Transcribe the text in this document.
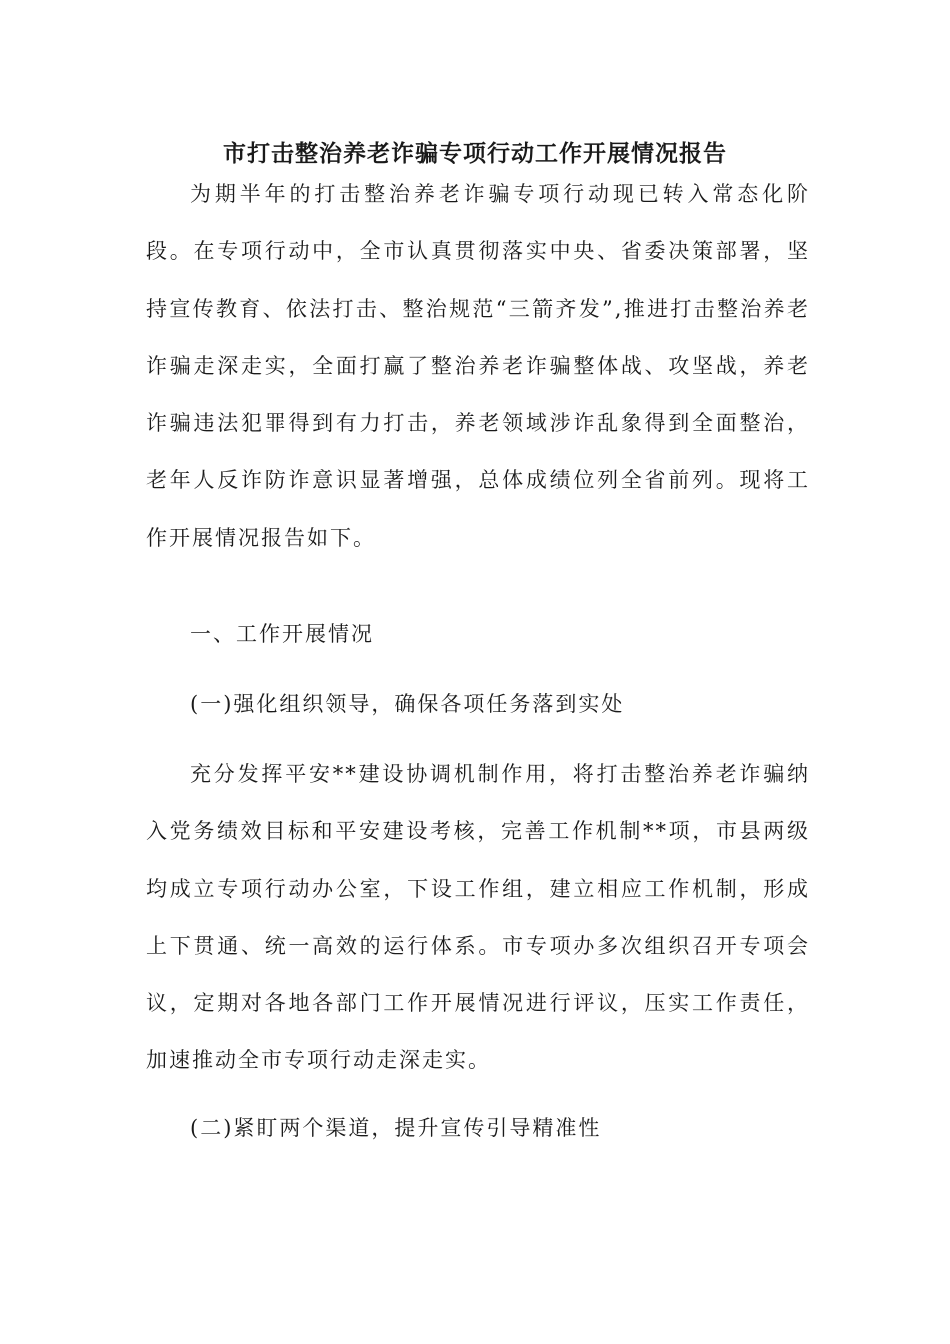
市打击整治养老诈骗专项行动工作开展情况报告

为期半年的打击整治养老诈骗专项行动现已转入常态化阶段。在专项行动中，全市认真贯彻落实中央、省委决策部署，坚持宣传教育、依法打击、整治规范“三箭齐发”,推进打击整治养老诈骗走深走实，全面打赢了整治养老诈骗整体战、攻坚战，养老诈骗违法犯罪得到有力打击，养老领域涉诈乱象得到全面整治，老年人反诈防诈意识显著增强，总体成绩位列全省前列。现将工作开展情况报告如下。

一、工作开展情况

(一)强化组织领导，确保各项任务落到实处

充分发挥平安**建设协调机制作用，将打击整治养老诈骗纳入党务绩效目标和平安建设考核，完善工作机制**项，市县两级均成立专项行动办公室，下设工作组，建立相应工作机制，形成上下贯通、统一高效的运行体系。市专项办多次组织召开专项会议，定期对各地各部门工作开展情况进行评议，压实工作责任，加速推动全市专项行动走深走实。

(二)紧盯两个渠道，提升宣传引导精准性
